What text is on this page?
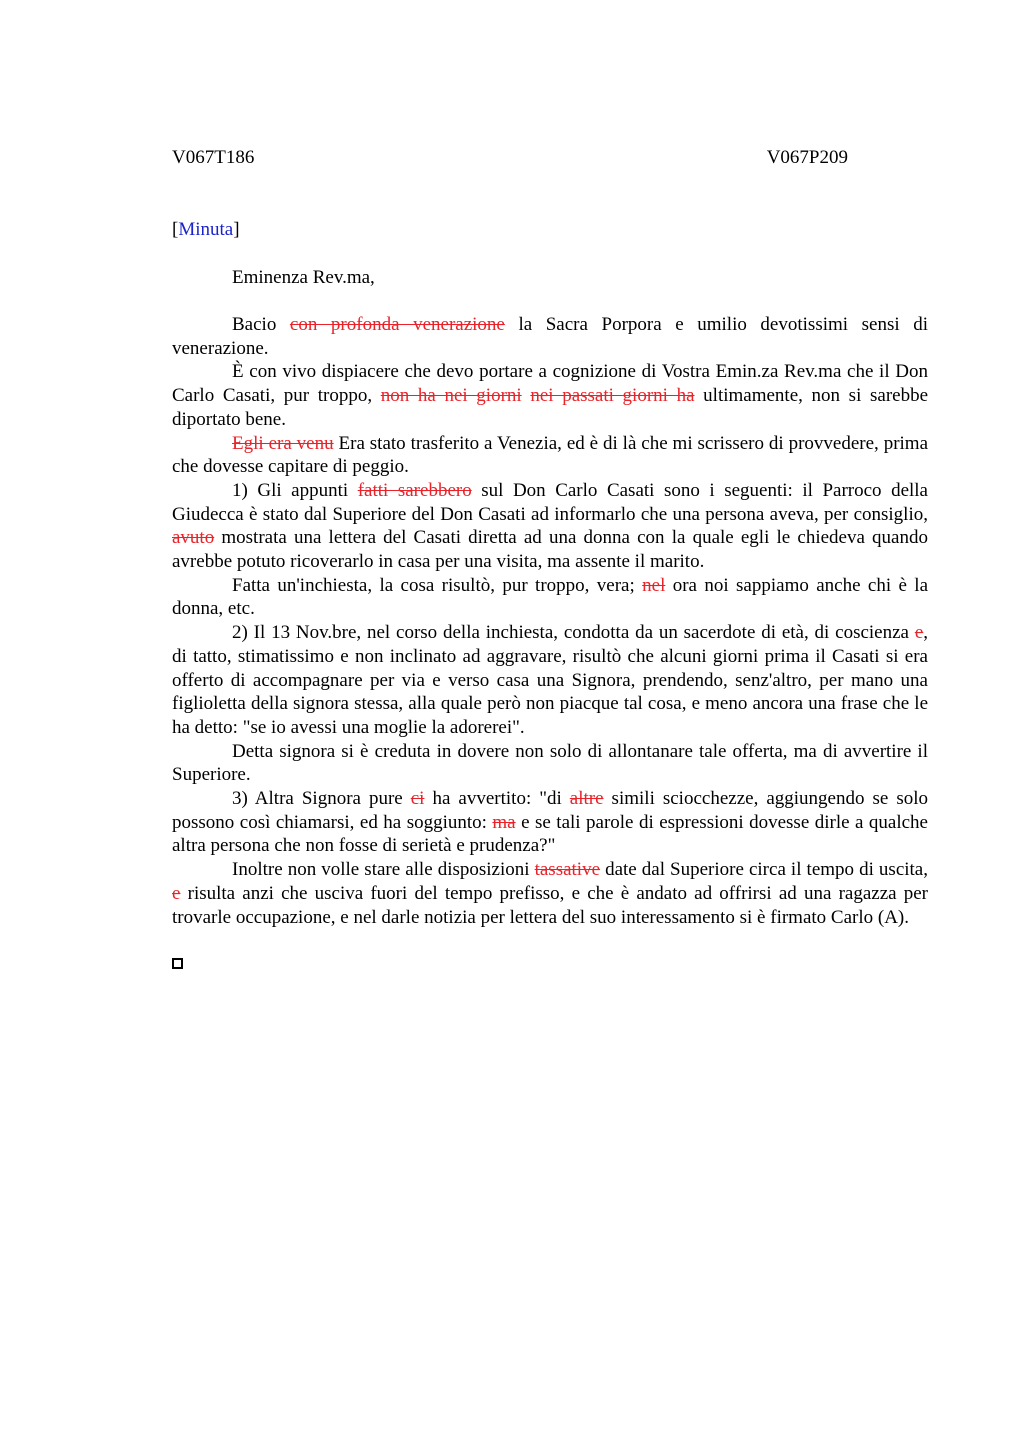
V067T186	V067P209
[Minuta]
Eminenza Rev.ma,

Bacio con profonda venerazione la Sacra Porpora e umilio devotissimi sensi di venerazione.

È con vivo dispiacere che devo portare a cognizione di Vostra Emin.za Rev.ma che il Don Carlo Casati, pur troppo, non ha nei giorni nei passati giorni ha ultimamente, non si sarebbe diportato bene.

Egli era venu Era stato trasferito a Venezia, ed è di là che mi scrissero di provvedere, prima che dovesse capitare di peggio.

1) Gli appunti fatti sarebbero sul Don Carlo Casati sono i seguenti: il Parroco della Giudecca è stato dal Superiore del Don Casati ad informarlo che una persona aveva, per consiglio, avuto mostrata una lettera del Casati diretta ad una donna con la quale egli le chiedeva quando avrebbe potuto ricoverarlo in casa per una visita, ma assente il marito.

Fatta un'inchiesta, la cosa risultò, pur troppo, vera; nel ora noi sappiamo anche chi è la donna, etc.

2) Il 13 Nov.bre, nel corso della inchiesta, condotta da un sacerdote di età, di coscienza e, di tatto, stimatissimo e non inclinato ad aggravare, risultò che alcuni giorni prima il Casati si era offerto di accompagnare per via e verso casa una Signora, prendendo, senz'altro, per mano una figlioletta della signora stessa, alla quale però non piacque tal cosa, e meno ancora una frase che le ha detto: "se io avessi una moglie la adorerei".

Detta signora si è creduta in dovere non solo di allontanare tale offerta, ma di avvertire il Superiore.

3) Altra Signora pure ci ha avvertito: "di altre simili sciocchezze, aggiungendo se solo possono così chiamarsi, ed ha soggiunto: ma e se tali parole di espressioni dovesse dirle a qualche altra persona che non fosse di serietà e prudenza?"

Inoltre non volle stare alle disposizioni tassative date dal Superiore circa il tempo di uscita, e risulta anzi che usciva fuori del tempo prefisso, e che è andato ad offrirsi ad una ragazza per trovarle occupazione, e nel darle notizia per lettera del suo interessamento si è firmato Carlo (A).
